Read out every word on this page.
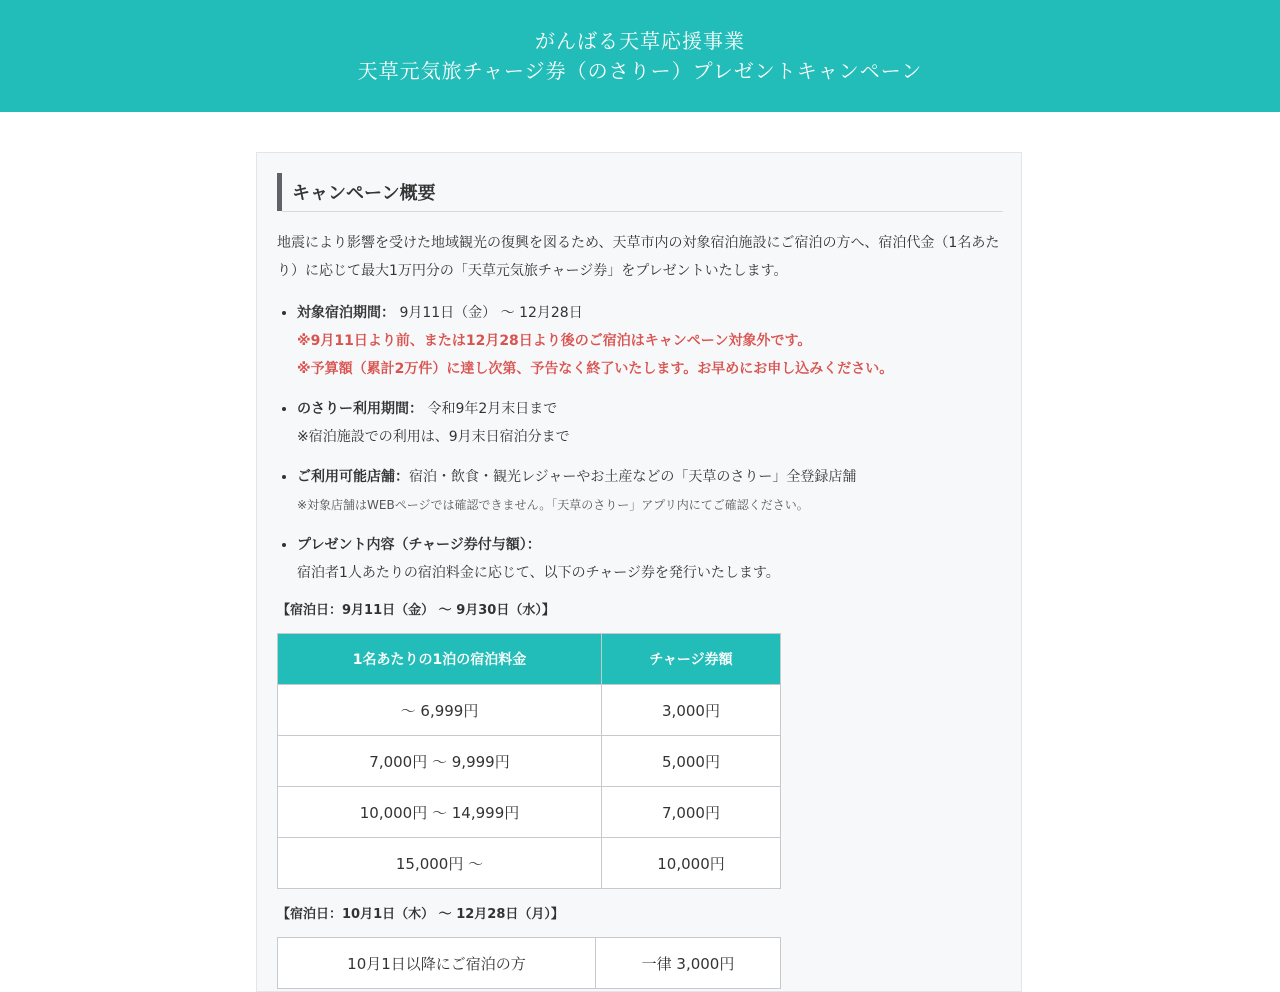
がんばる天草応援事業
天草元気旅チャージ券（のさりー）プレゼントキャンペーン
キャンペーン概要
地震により影響を受けた地域観光の復興を図るため、天草市内の対象宿泊施設にご宿泊の方へ、宿泊代金（1名あたり）に応じて最大1万円分の「天草元気旅チャージ券」をプレゼントいたします。
• 対象宿泊期間： 9月11日（金） 〜 12月28日
※9月11日より前、または12月28日より後のご宿泊はキャンペーン対象外です。
※予算額（累計2万件）に達し次第、予告なく終了いたします。お早めにお申し込みください。
• のさりー利用期間： 令和9年2月末日まで
※宿泊施設での利用は、9月末日宿泊分まで
• ご利用可能店舗：宿泊・飲食・観光レジャーやお土産などの「天草のさりー」全登録店舗
※対象店舗はWEBページでは確認できません。「天草のさりー」アプリ内にてご確認ください。
• プレゼント内容（チャージ券付与額）：
宿泊者1人あたりの宿泊料金に応じて、以下のチャージ券を発行いたします。
【宿泊日：9月11日（金） 〜 9月30日（水）】
1名あたりの1泊の宿泊料金	チャージ券額
〜 6,999円	3,000円
7,000円 〜 9,999円	5,000円
10,000円 〜 14,999円	7,000円
15,000円 〜	10,000円
【宿泊日：10月1日（木） 〜 12月28日（月）】
10月1日以降にご宿泊の方	一律 3,000円
